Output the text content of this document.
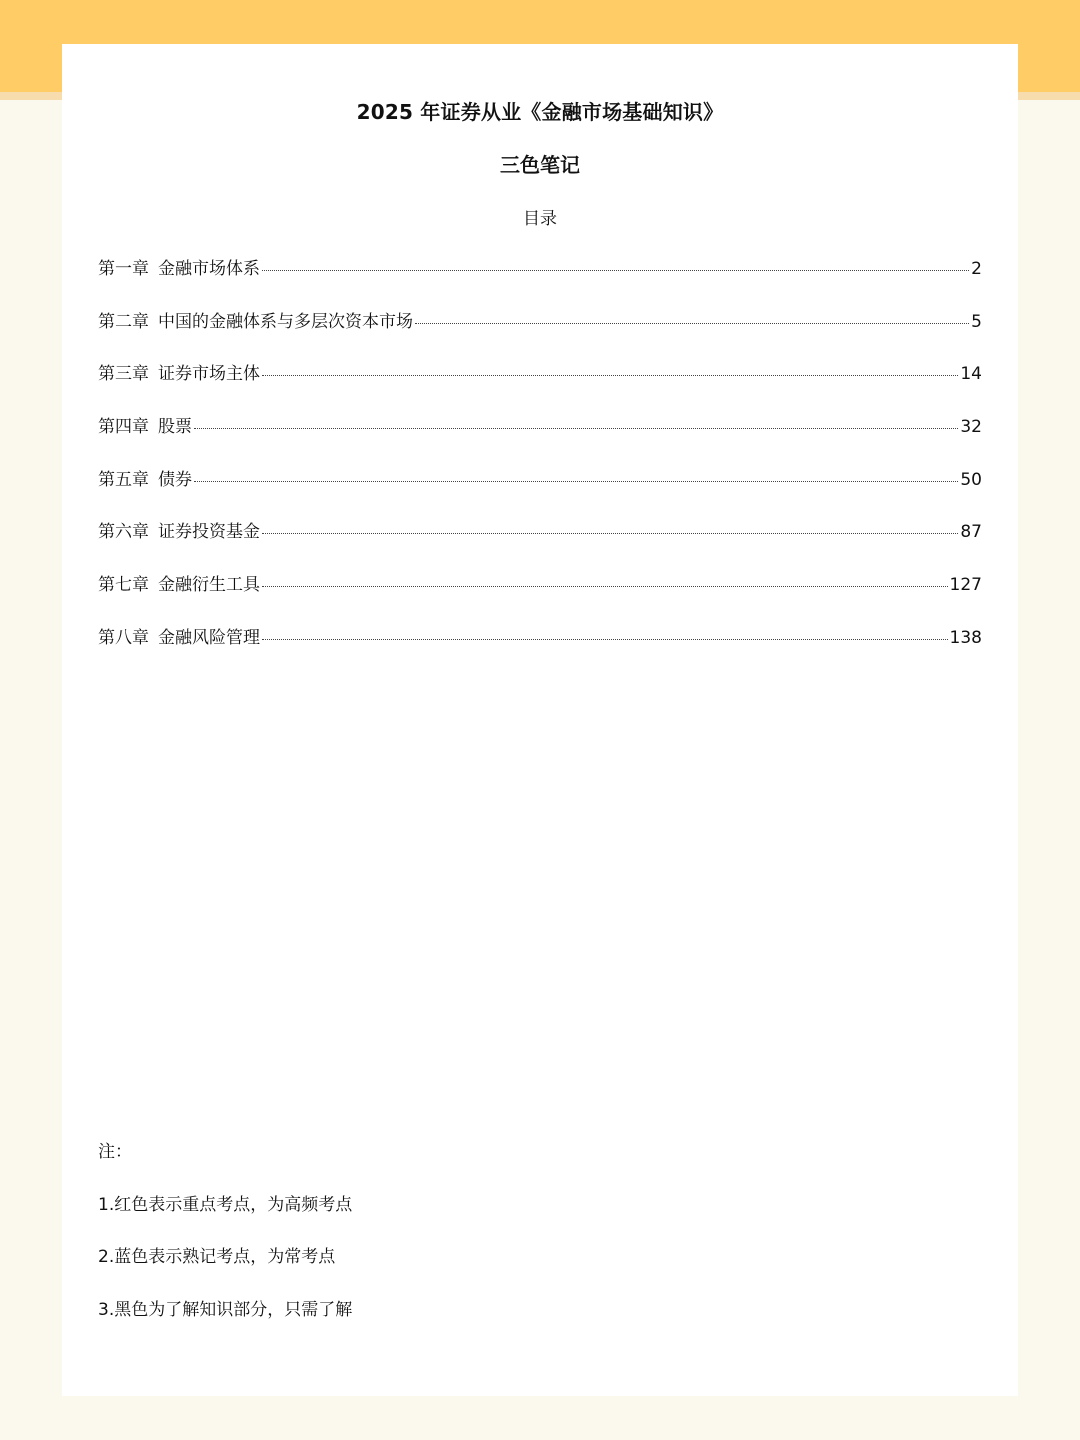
2025 年证券从业《金融市场基础知识》
三色笔记
目录
第一章 金融市场体系	2
第二章 中国的金融体系与多层次资本市场	5
第三章 证券市场主体	14
第四章 股票	32
第五章 债券	50
第六章 证券投资基金	87
第七章 金融衍生工具	127
第八章 金融风险管理	138
注：
1.红色表示重点考点，为高频考点
2.蓝色表示熟记考点，为常考点
3.黑色为了解知识部分，只需了解
